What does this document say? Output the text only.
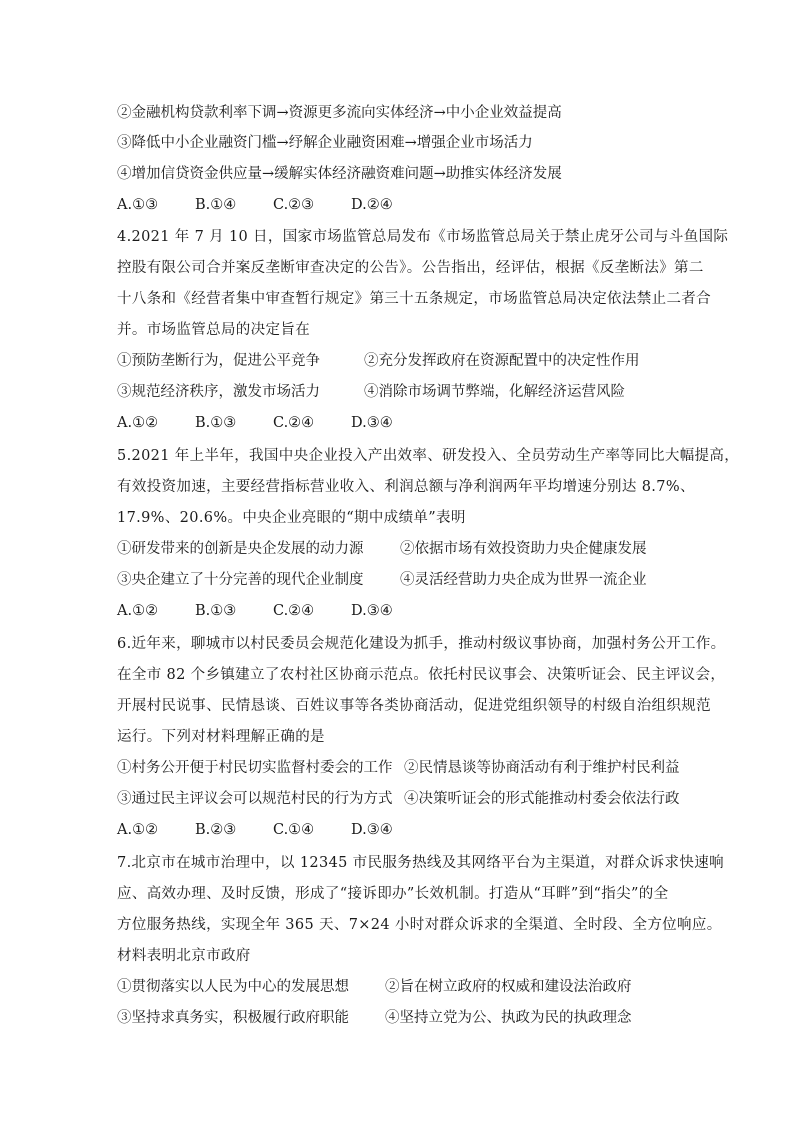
②金融机构贷款利率下调→资源更多流向实体经济→中小企业效益提高
③降低中小企业融资门槛→纾解企业融资困难→增强企业市场活力
④增加信贷资金供应量→缓解实体经济融资难问题→助推实体经济发展
A.①③	B.①④	C.②③	D.②④
4.2021 年 7 月 10 日，国家市场监管总局发布《市场监管总局关于禁止虎牙公司与斗鱼国际
控股有限公司合并案反垄断审查决定的公告》。公告指出，经评估，根据《反垄断法》第二
十八条和《经营者集中审查暂行规定》第三十五条规定，市场监管总局决定依法禁止二者合
并。市场监管总局的决定旨在
①预防垄断行为，促进公平竞争	②充分发挥政府在资源配置中的决定性作用
③规范经济秩序，激发市场活力	④消除市场调节弊端，化解经济运营风险
A.①②	B.①③	C.②④	D.③④
5.2021 年上半年，我国中央企业投入产出效率、研发投入、全员劳动生产率等同比大幅提高，
有效投资加速，主要经营指标营业收入、利润总额与净利润两年平均增速分别达 8.7%、
17.9%、20.6%。中央企业亮眼的“期中成绩单”表明
①研发带来的创新是央企发展的动力源	②依据市场有效投资助力央企健康发展
③央企建立了十分完善的现代企业制度	④灵活经营助力央企成为世界一流企业
A.①②	B.①③	C.②④	D.③④
6.近年来，聊城市以村民委员会规范化建设为抓手，推动村级议事协商，加强村务公开工作。
在全市 82 个乡镇建立了农村社区协商示范点。依托村民议事会、决策听证会、民主评议会，
开展村民说事、民情恳谈、百姓议事等各类协商活动，促进党组织领导的村级自治组织规范
运行。下列对材料理解正确的是
①村务公开便于村民切实监督村委会的工作 ②民情恳谈等协商活动有利于维护村民利益
③通过民主评议会可以规范村民的行为方式 ④决策听证会的形式能推动村委会依法行政
A.①②	B.②③	C.①④	D.③④
7.北京市在城市治理中，以 12345 市民服务热线及其网络平台为主渠道，对群众诉求快速响
应、高效办理、及时反馈，形成了“接诉即办”长效机制。打造从“耳畔”到“指尖”的全
方位服务热线，实现全年 365 天、7×24 小时对群众诉求的全渠道、全时段、全方位响应。
材料表明北京市政府
①贯彻落实以人民为中心的发展思想	②旨在树立政府的权威和建设法治政府
③坚持求真务实，积极履行政府职能	④坚持立党为公、执政为民的执政理念
